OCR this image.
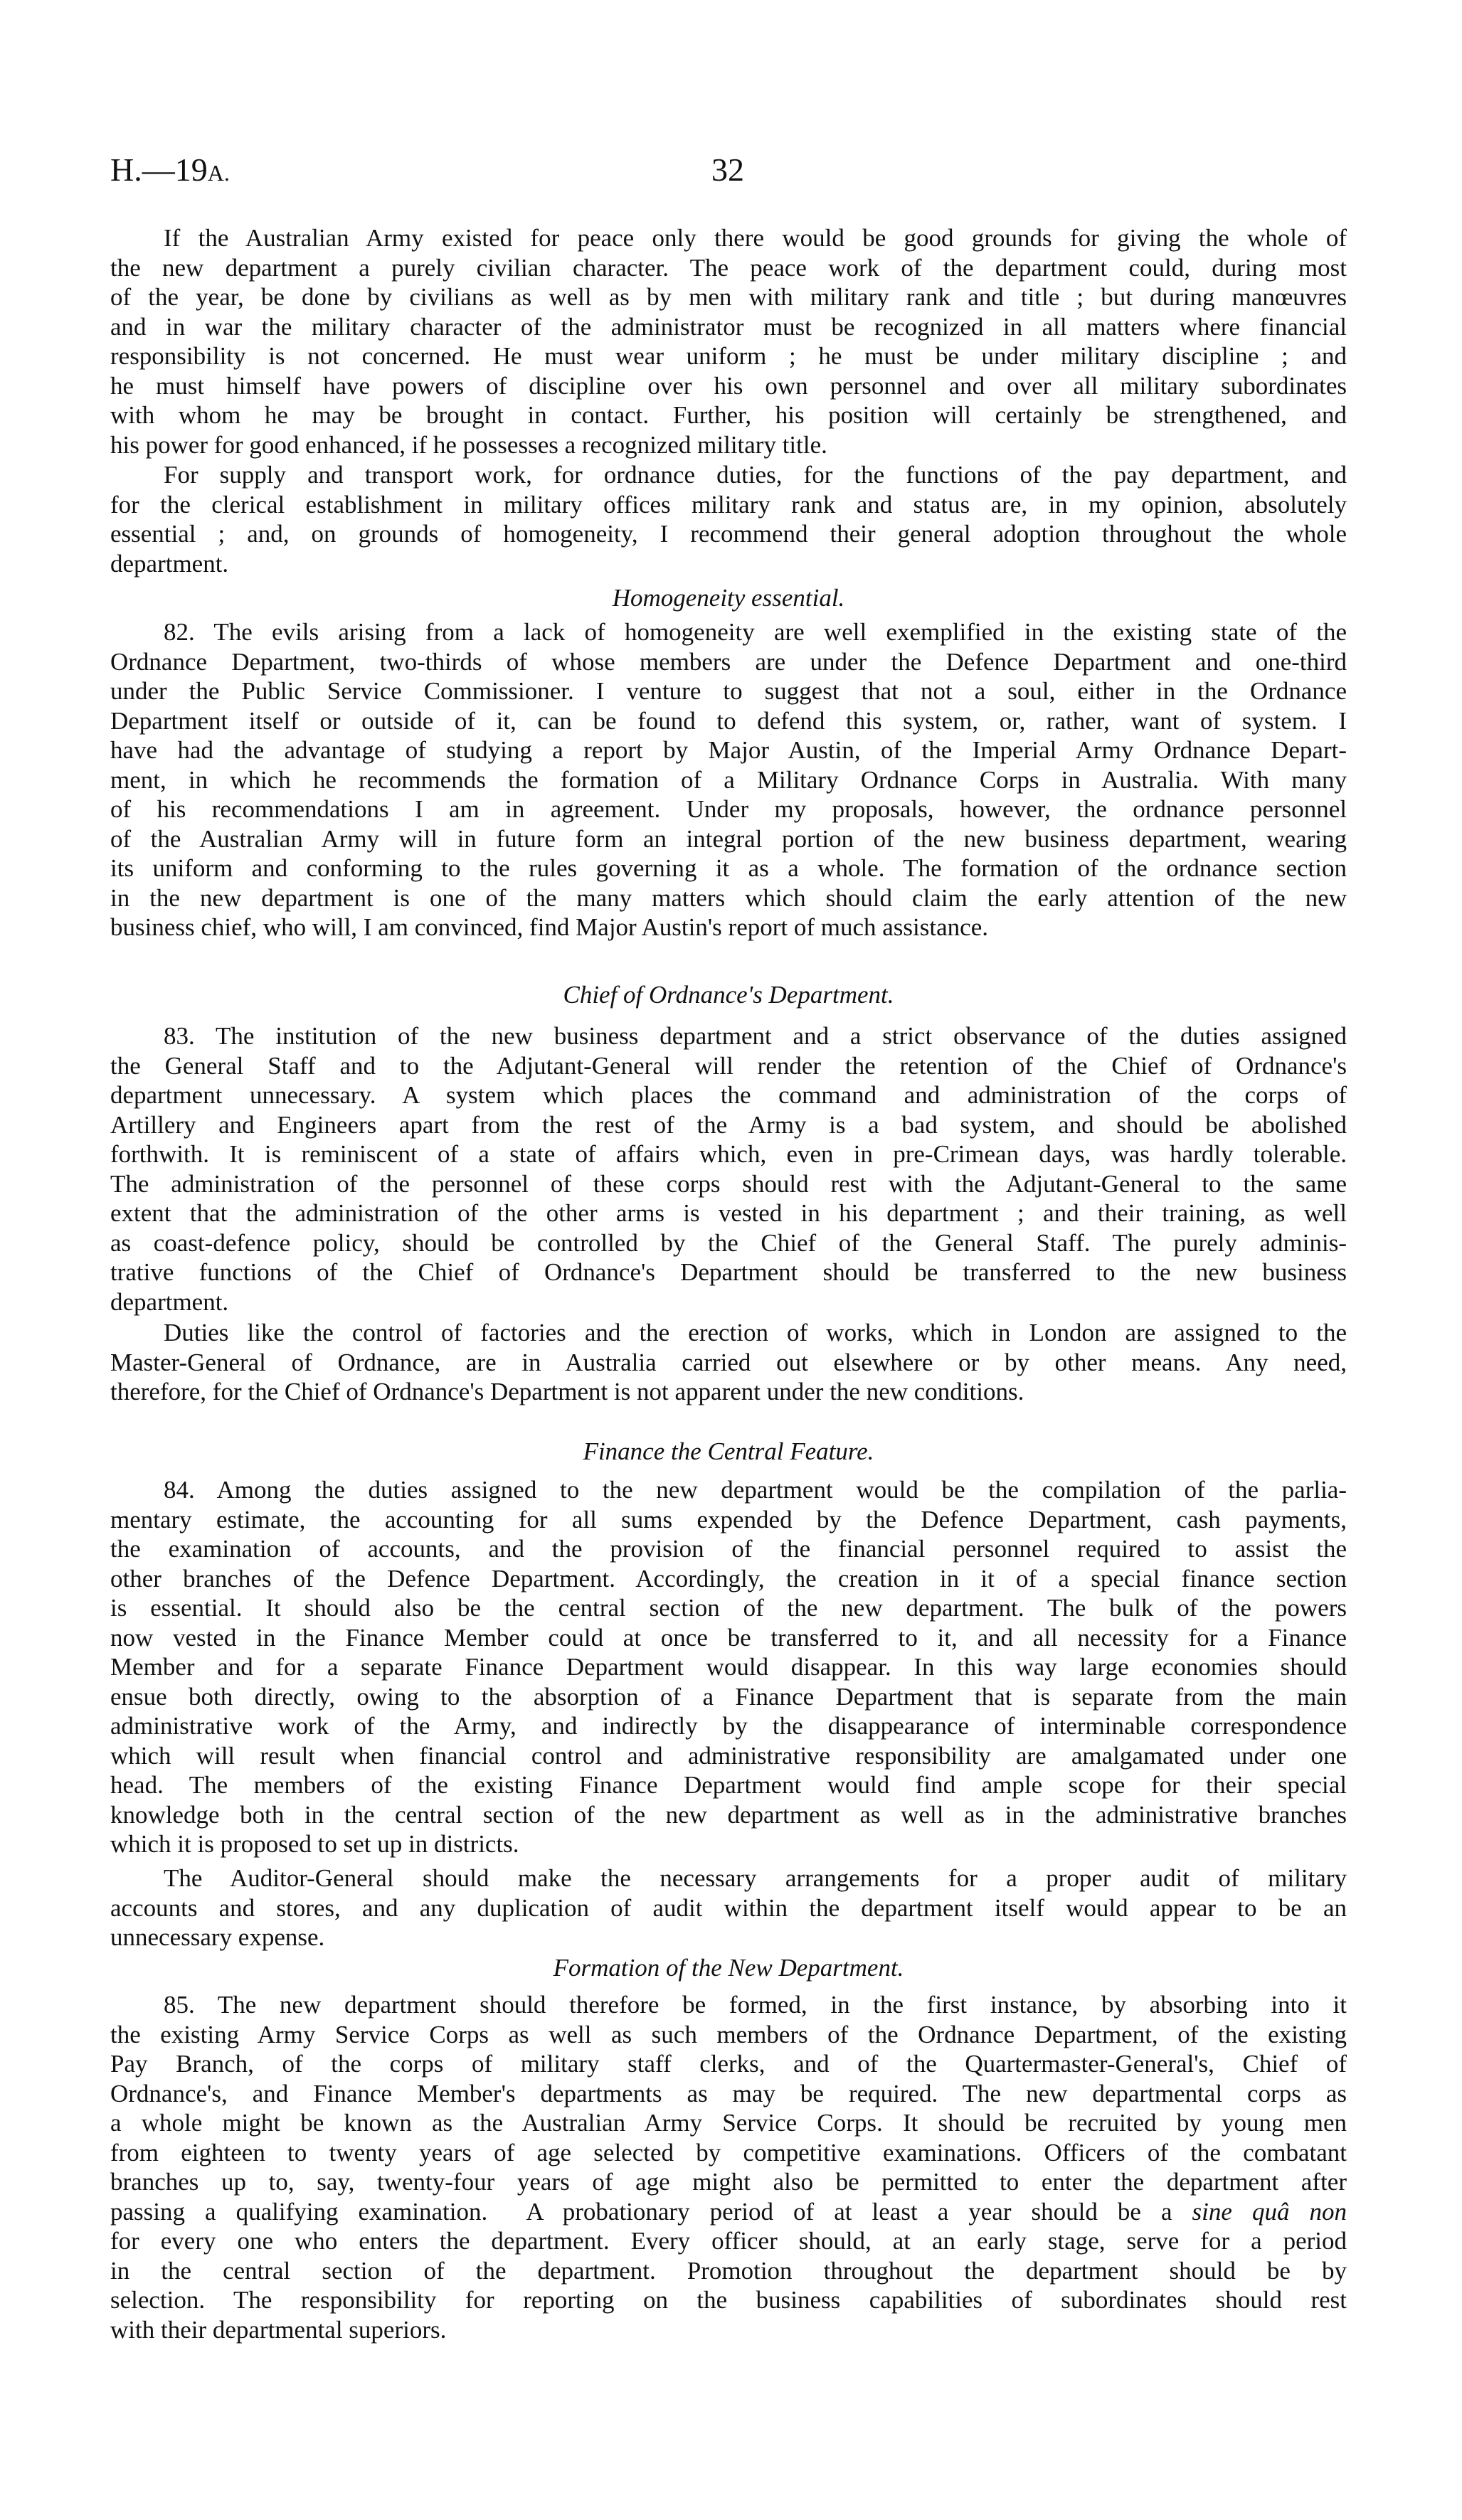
H.—19A.	32
If the Australian Army existed for peace only there would be good grounds for giving the whole of
the new department a purely civilian character. The peace work of the department could, during most
of the year, be done by civilians as well as by men with military rank and title ; but during manœuvres
and in war the military character of the administrator must be recognized in all matters where financial
responsibility is not concerned. He must wear uniform ; he must be under military discipline ; and
he must himself have powers of discipline over his own personnel and over all military subordinates
with whom he may be brought in contact. Further, his position will certainly be strengthened, and
his power for good enhanced, if he possesses a recognized military title.
For supply and transport work, for ordnance duties, for the functions of the pay department, and
for the clerical establishment in military offices military rank and status are, in my opinion, absolutely
essential ; and, on grounds of homogeneity, I recommend their general adoption throughout the whole
department.
Homogeneity essential.
82. The evils arising from a lack of homogeneity are well exemplified in the existing state of the
Ordnance Department, two-thirds of whose members are under the Defence Department and one-third
under the Public Service Commissioner. I venture to suggest that not a soul, either in the Ordnance
Department itself or outside of it, can be found to defend this system, or, rather, want of system. I
have had the advantage of studying a report by Major Austin, of the Imperial Army Ordnance Depart-
ment, in which he recommends the formation of a Military Ordnance Corps in Australia. With many
of his recommendations I am in agreement. Under my proposals, however, the ordnance personnel
of the Australian Army will in future form an integral portion of the new business department, wearing
its uniform and conforming to the rules governing it as a whole. The formation of the ordnance section
in the new department is one of the many matters which should claim the early attention of the new
business chief, who will, I am convinced, find Major Austin's report of much assistance.
Chief of Ordnance's Department.
83. The institution of the new business department and a strict observance of the duties assigned
the General Staff and to the Adjutant-General will render the retention of the Chief of Ordnance's
department unnecessary. A system which places the command and administration of the corps of
Artillery and Engineers apart from the rest of the Army is a bad system, and should be abolished
forthwith. It is reminiscent of a state of affairs which, even in pre-Crimean days, was hardly tolerable.
The administration of the personnel of these corps should rest with the Adjutant-General to the same
extent that the administration of the other arms is vested in his department ; and their training, as well
as coast-defence policy, should be controlled by the Chief of the General Staff. The purely adminis-
trative functions of the Chief of Ordnance's Department should be transferred to the new business
department.
Duties like the control of factories and the erection of works, which in London are assigned to the
Master-General of Ordnance, are in Australia carried out elsewhere or by other means. Any need,
therefore, for the Chief of Ordnance's Department is not apparent under the new conditions.
Finance the Central Feature.
84. Among the duties assigned to the new department would be the compilation of the parlia-
mentary estimate, the accounting for all sums expended by the Defence Department, cash payments,
the examination of accounts, and the provision of the financial personnel required to assist the
other branches of the Defence Department. Accordingly, the creation in it of a special finance section
is essential. It should also be the central section of the new department. The bulk of the powers
now vested in the Finance Member could at once be transferred to it, and all necessity for a Finance
Member and for a separate Finance Department would disappear. In this way large economies should
ensue both directly, owing to the absorption of a Finance Department that is separate from the main
administrative work of the Army, and indirectly by the disappearance of interminable correspondence
which will result when financial control and administrative responsibility are amalgamated under one
head. The members of the existing Finance Department would find ample scope for their special
knowledge both in the central section of the new department as well as in the administrative branches
which it is proposed to set up in districts.
The Auditor-General should make the necessary arrangements for a proper audit of military
accounts and stores, and any duplication of audit within the department itself would appear to be an
unnecessary expense.
Formation of the New Department.
85. The new department should therefore be formed, in the first instance, by absorbing into it
the existing Army Service Corps as well as such members of the Ordnance Department, of the existing
Pay Branch, of the corps of military staff clerks, and of the Quartermaster-General's, Chief of
Ordnance's, and Finance Member's departments as may be required. The new departmental corps as
a whole might be known as the Australian Army Service Corps. It should be recruited by young men
from eighteen to twenty years of age selected by competitive examinations. Officers of the combatant
branches up to, say, twenty-four years of age might also be permitted to enter the department after
passing a qualifying examination.  A probationary period of at least a year should be a sine quâ non
for every one who enters the department. Every officer should, at an early stage, serve for a period
in the central section of the department. Promotion throughout the department should be by
selection. The responsibility for reporting on the business capabilities of subordinates should rest
with their departmental superiors.
